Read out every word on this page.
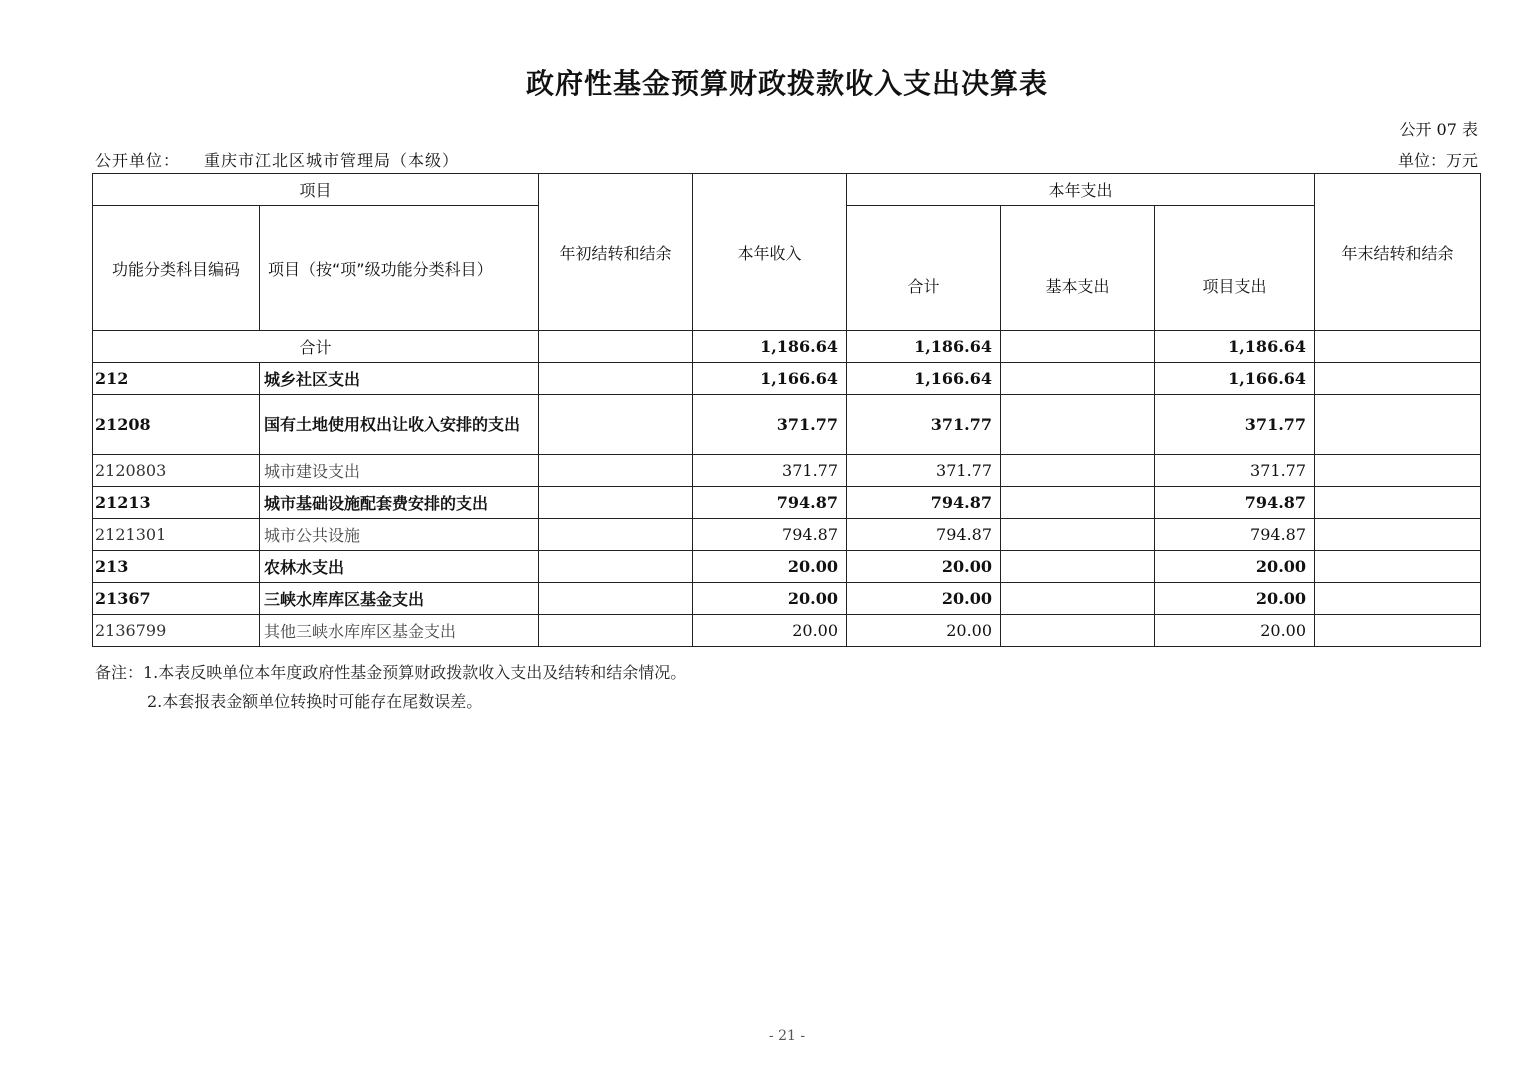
政府性基金预算财政拨款收入支出决算表
公开 07 表
公开单位： 重庆市江北区城市管理局（本级）	单位：万元
项目		年初结转和结余	本年收入	本年支出			年末结转和结余
功能分类科目编码	项目（按“项”级功能分类科目）			合计	基本支出	项目支出	
合计			1,186.64	1,186.64		1,186.64	
212	城乡社区支出		1,166.64	1,166.64		1,166.64	
21208	国有土地使用权出让收入安排的支出		371.77	371.77		371.77	
2120803	城市建设支出		371.77	371.77		371.77	
21213	城市基础设施配套费安排的支出		794.87	794.87		794.87	
2121301	城市公共设施		794.87	794.87		794.87	
213	农林水支出		20.00	20.00		20.00	
21367	三峡水库库区基金支出		20.00	20.00		20.00	
2136799	其他三峡水库库区基金支出		20.00	20.00		20.00	
备注：1.本表反映单位本年度政府性基金预算财政拨款收入支出及结转和结余情况。
2.本套报表金额单位转换时可能存在尾数误差。
- 21 -
